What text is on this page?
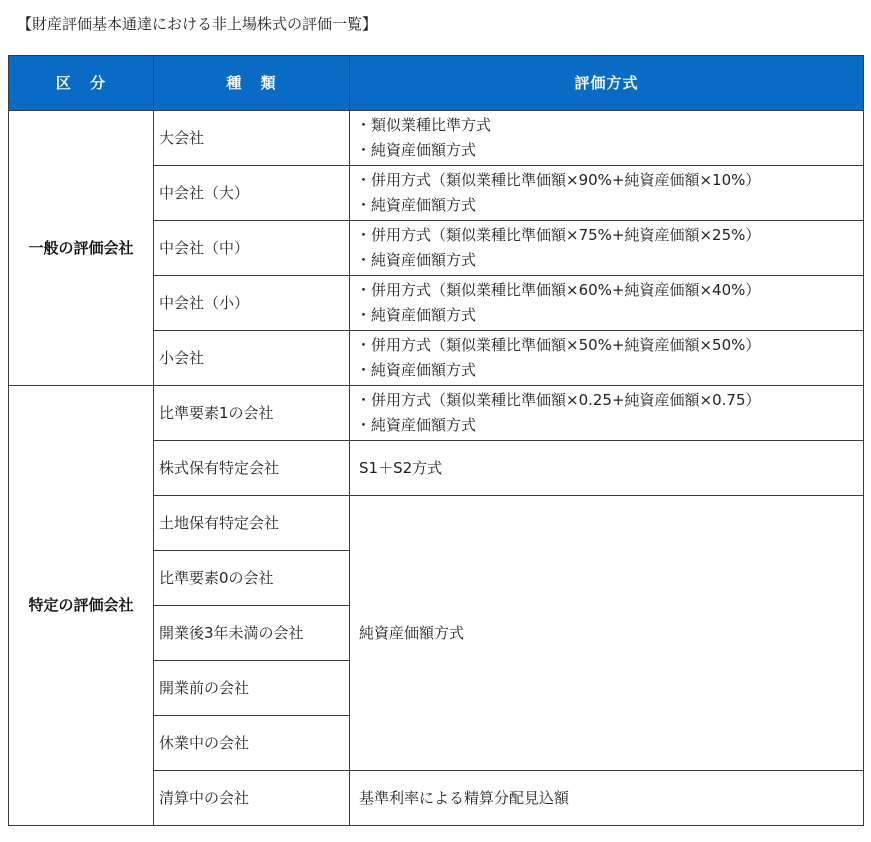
【財産評価基本通達における非上場株式の評価一覧】
区 分	種 類	評価方式
一般の評価会社	大会社	・類似業種比準方式
・純資産価額方式

	中会社（大）	・併用方式（類似業種比準価額×90%+純資産価額×10%）
・純資産価額方式

	中会社（中）	・併用方式（類似業種比準価額×75%+純資産価額×25%）
・純資産価額方式

	中会社（小）	・併用方式（類似業種比準価額×60%+純資産価額×40%）
・純資産価額方式

	小会社	・併用方式（類似業種比準価額×50%+純資産価額×50%）
・純資産価額方式

特定の評価会社	比準要素1の会社	・併用方式（類似業種比準価額×0.25+純資産価額×0.75）
・純資産価額方式

	株式保有特定会社	S1＋S2方式
	土地保有特定会社	純資産価額方式
	比準要素0の会社	
	開業後3年未満の会社	
	開業前の会社	
	休業中の会社	
	清算中の会社	基準利率による精算分配見込額
